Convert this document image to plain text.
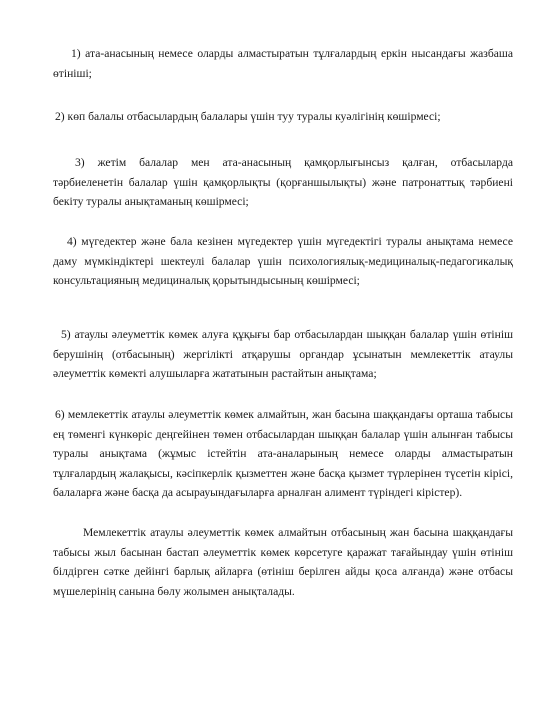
1) ата-анасының немесе оларды алмастыратын тұлғалардың еркін нысандағы жазбаша өтініші;

2) көп балалы отбасылардың балалары үшін туу туралы куәлігінің көшірмесі;

3) жетім балалар мен ата-анасының қамқорлығынсыз қалған, отбасыларда тәрбиеленетін балалар үшін қамқорлықты (қорғаншылықты) және патронаттық тәрбиені бекіту туралы анықтаманың көшірмесі;

4) мүгедектер және бала кезінен мүгедектер үшін мүгедектігі туралы анықтама немесе даму мүмкіндіктері шектеулі балалар үшін психологиялық-медициналық-педагогикалық консультацияның медициналық қорытындысының көшірмесі;

5) атаулы әлеуметтік көмек алуға құқығы бар отбасылардан шыққан балалар үшін өтініш берушінің (отбасының) жергілікті атқарушы органдар ұсынатын мемлекеттік атаулы әлеуметтік көмекті алушыларға жататынын растайтын анықтама;

6) мемлекеттік атаулы әлеуметтік көмек алмайтын, жан басына шаққандағы орташа табысы ең төменгі күнкөріс деңгейінен төмен отбасылардан шыққан балалар үшін алынған табысы туралы анықтама (жұмыс істейтін ата-аналарының немесе оларды алмастыратын тұлғалардың жалақысы, кәсіпкерлік қызметтен және басқа қызмет түрлерінен түсетін кірісі, балаларға және басқа да асырауындағыларға арналған алимент түріндегі кірістер).

Мемлекеттік атаулы әлеуметтік көмек алмайтын отбасының жан басына шаққандағы табысы жыл басынан бастап әлеуметтік көмек көрсетуге қаражат тағайындау үшін өтініш білдірген сәтке дейінгі барлық айларға (өтініш берілген айды қоса алғанда) және отбасы мүшелерінің санына бөлу жолымен анықталады.
